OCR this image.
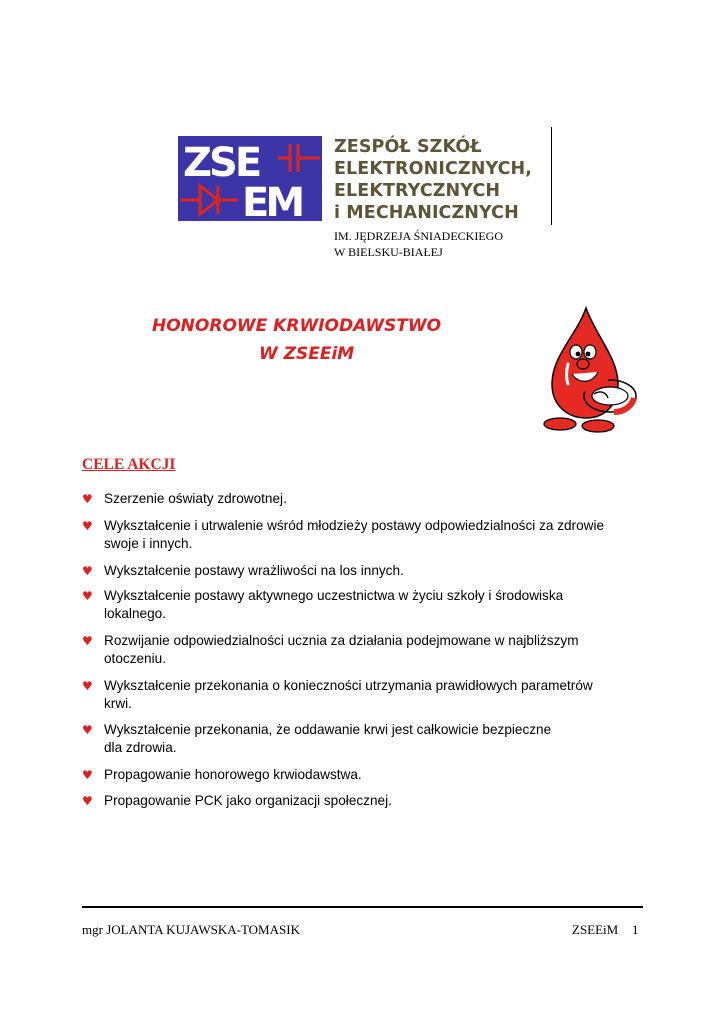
ZSE
EM
ZESPÓŁ SZKÓŁ
ELEKTRONICZNYCH,
ELEKTRYCZNYCH
i MECHANICZNYCH
IM. JĘDRZEJA ŚNIADECKIEGO
W BIELSKU-BIAŁEJ
HONOROWE KRWIODAWSTWO
W ZSEEiM
CELE AKCJI
♥ Szerzenie oświaty zdrowotnej.
♥ Wykształcenie i utrwalenie wśród młodzieży postawy odpowiedzialności za zdrowie
swoje i innych.
♥ Wykształcenie postawy wrażliwości na los innych.
♥ Wykształcenie postawy aktywnego uczestnictwa w życiu szkoły i środowiska
lokalnego.
♥ Rozwijanie odpowiedzialności ucznia za działania podejmowane w najbliższym
otoczeniu.
♥ Wykształcenie przekonania o konieczności utrzymania prawidłowych parametrów
krwi.
♥ Wykształcenie przekonania, że oddawanie krwi jest całkowicie bezpieczne
dla zdrowia.
♥ Propagowanie honorowego krwiodawstwa.
♥ Propagowanie PCK jako organizacji społecznej.
mgr JOLANTA KUJAWSKA-TOMASIK	ZSEEiM 1
